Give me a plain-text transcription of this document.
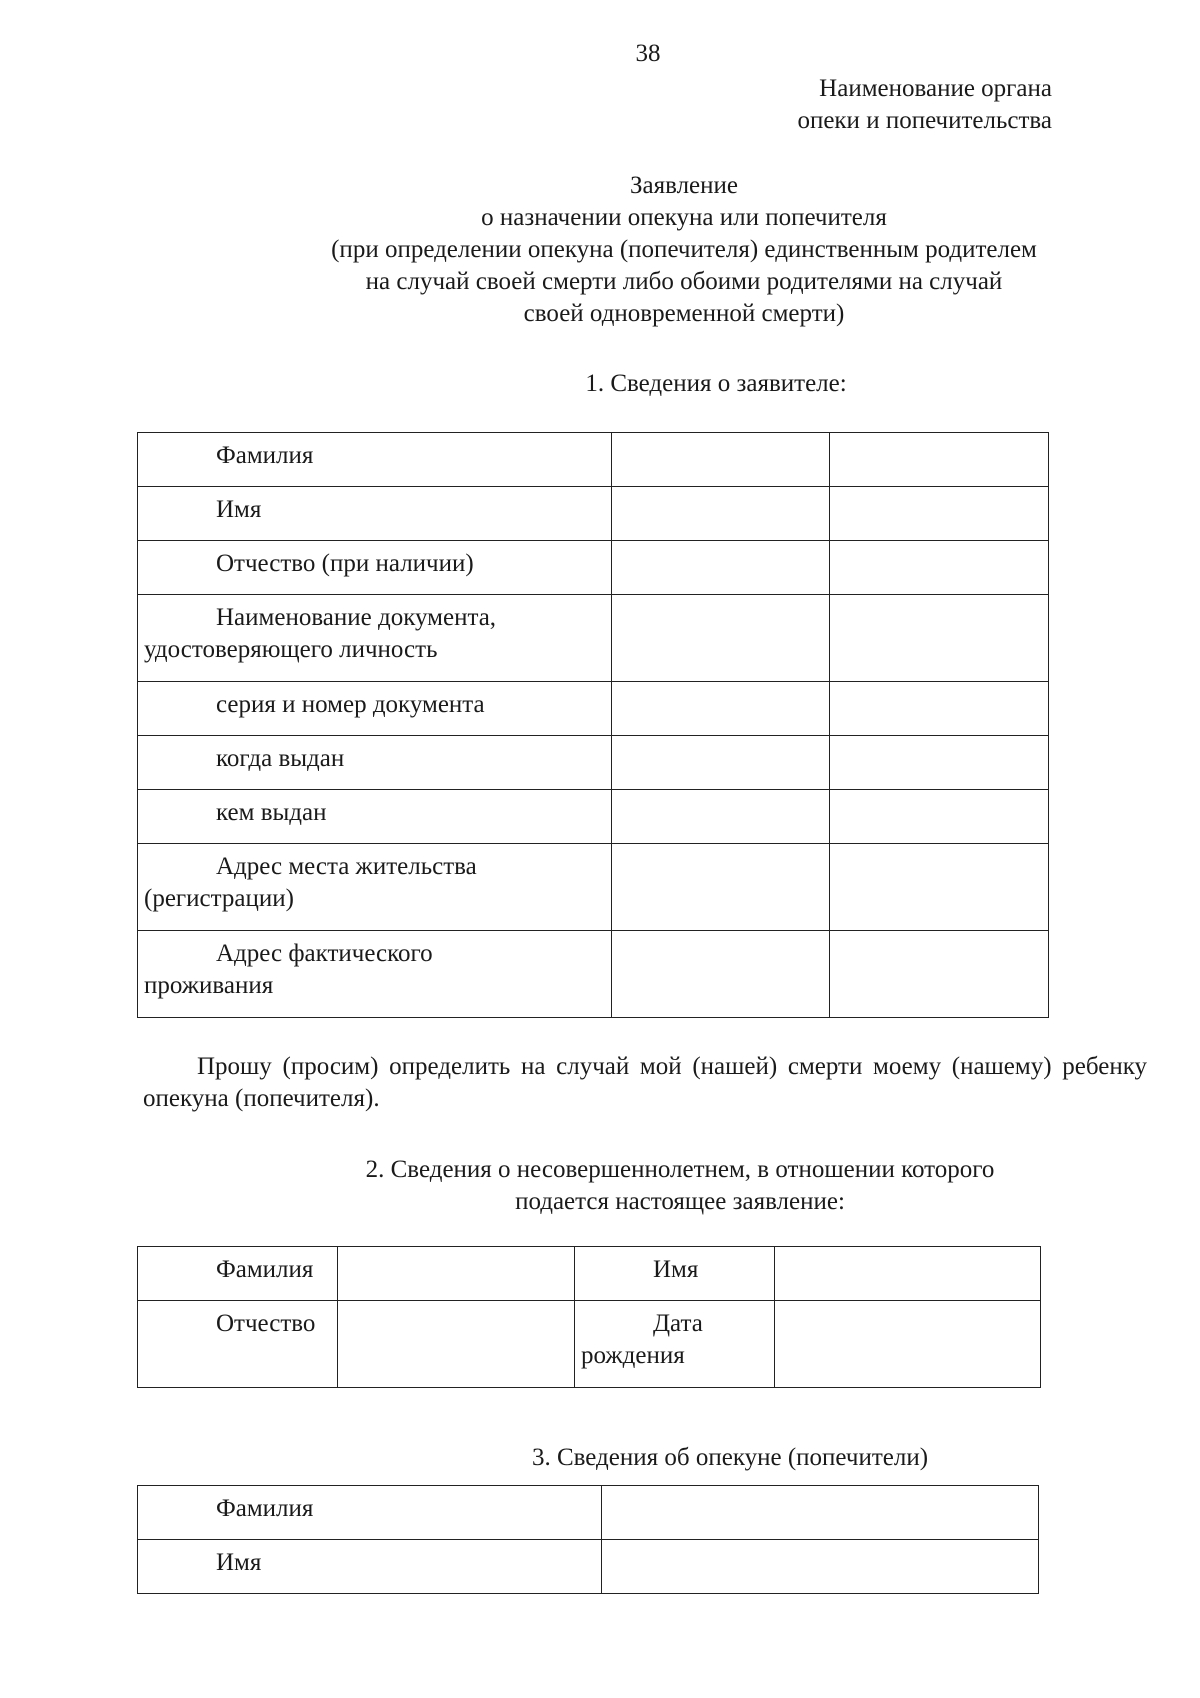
38
Наименование органа
опеки и попечительства
Заявление
о назначении опекуна или попечителя
(при определении опекуна (попечителя) единственным родителем
на случай своей смерти либо обоими родителями на случай
своей одновременной смерти)
1. Сведения о заявителе:
Фамилия		
Имя		
Отчество (при наличии)		

Наименование документа,
удостоверяющего личность		

серия и номер документа		
когда выдан		
кем выдан		

Адрес места жительства
(регистрации)		

Адрес фактического
проживания		

Прошу (просим) определить на случай мой (нашей) смерти моему (нашему) ребенку опекуна (попечителя).

2. Сведения о несовершеннолетнем, в отношении которого
подается настоящее заявление:
Фамилия		Имя	
Отчество		Дата
рождения	

3. Сведения об опекуне (попечители)
Фамилия	
Имя	
